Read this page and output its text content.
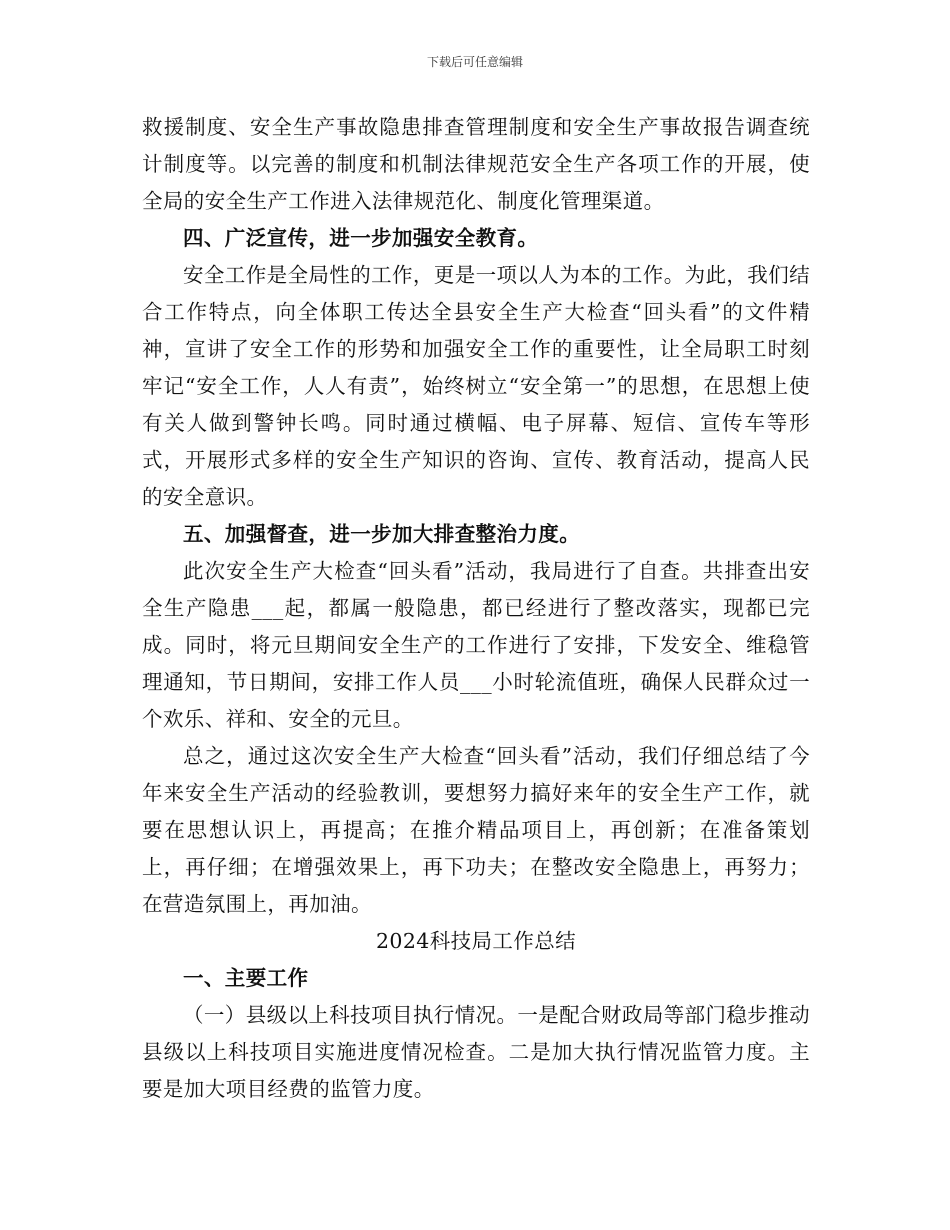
下载后可任意编辑

救援制度、安全生产事故隐患排查管理制度和安全生产事故报告调查统计制度等。以完善的制度和机制法律规范安全生产各项工作的开展，使全局的安全生产工作进入法律规范化、制度化管理渠道。

四、广泛宣传，进一步加强安全教育。

安全工作是全局性的工作，更是一项以人为本的工作。为此，我们结合工作特点，向全体职工传达全县安全生产大检查“回头看”的文件精神，宣讲了安全工作的形势和加强安全工作的重要性，让全局职工时刻牢记“安全工作，人人有责”，始终树立“安全第一”的思想，在思想上使有关人做到警钟长鸣。同时通过横幅、电子屏幕、短信、宣传车等形式，开展形式多样的安全生产知识的咨询、宣传、教育活动，提高人民的安全意识。

五、加强督查，进一步加大排查整治力度。

此次安全生产大检查“回头看”活动，我局进行了自查。共排查出安全生产隐患___起，都属一般隐患，都已经进行了整改落实，现都已完成。同时，将元旦期间安全生产的工作进行了安排，下发安全、维稳管理通知，节日期间，安排工作人员___小时轮流值班，确保人民群众过一个欢乐、祥和、安全的元旦。

总之，通过这次安全生产大检查“回头看”活动，我们仔细总结了今年来安全生产活动的经验教训，要想努力搞好来年的安全生产工作，就要在思想认识上，再提高；在推介精品项目上，再创新；在准备策划上，再仔细；在增强效果上，再下功夫；在整改安全隐患上，再努力；在营造氛围上，再加油。

2024科技局工作总结

一、主要工作

（一）县级以上科技项目执行情况。一是配合财政局等部门稳步推动县级以上科技项目实施进度情况检查。二是加大执行情况监管力度。主要是加大项目经费的监管力度。
